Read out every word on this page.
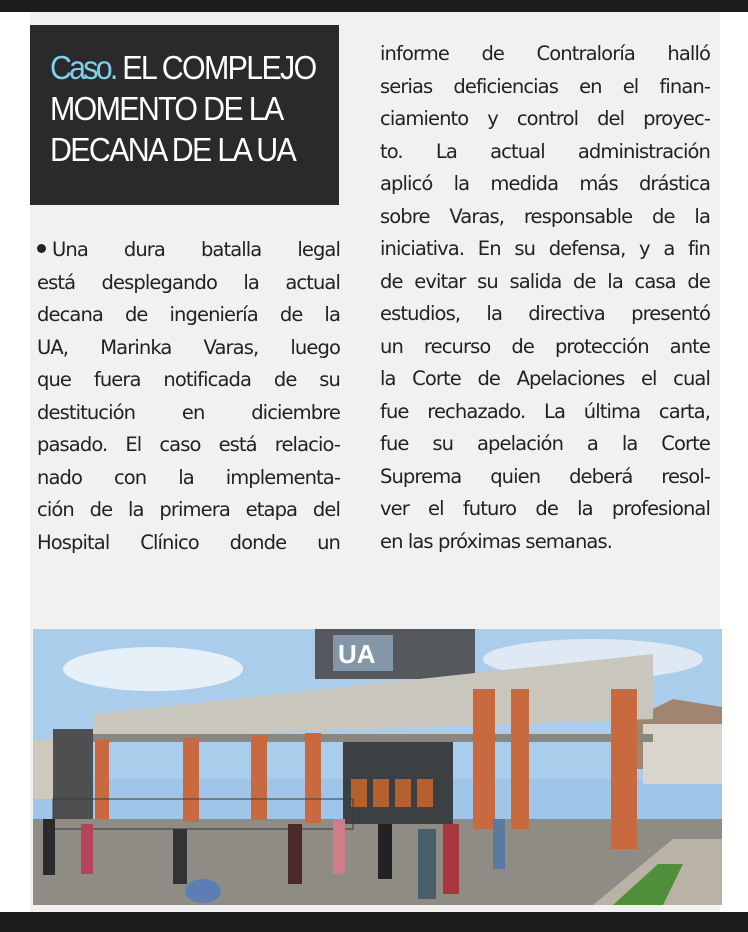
Caso. EL COMPLEJO
MOMENTO DE LA
DECANA DE LA UA
Una dura batalla legal
está desplegando la actual
decana de ingeniería de la
UA, Marinka Varas, luego
que fuera notificada de su
destitución en diciembre
pasado. El caso está relacio-
nado con la implementa-
ción de la primera etapa del
Hospital Clínico donde un
informe de Contraloría halló
serias deficiencias en el finan-
ciamiento y control del proyec-
to. La actual administración
aplicó la medida más drástica
sobre Varas, responsable de la
iniciativa. En su defensa, y a fin
de evitar su salida de la casa de
estudios, la directiva presentó
un recurso de protección ante
la Corte de Apelaciones el cual
fue rechazado. La última carta,
fue su apelación a la Corte
Suprema quien deberá resol-
ver el futuro de la profesional
en las próximas semanas.
UA
